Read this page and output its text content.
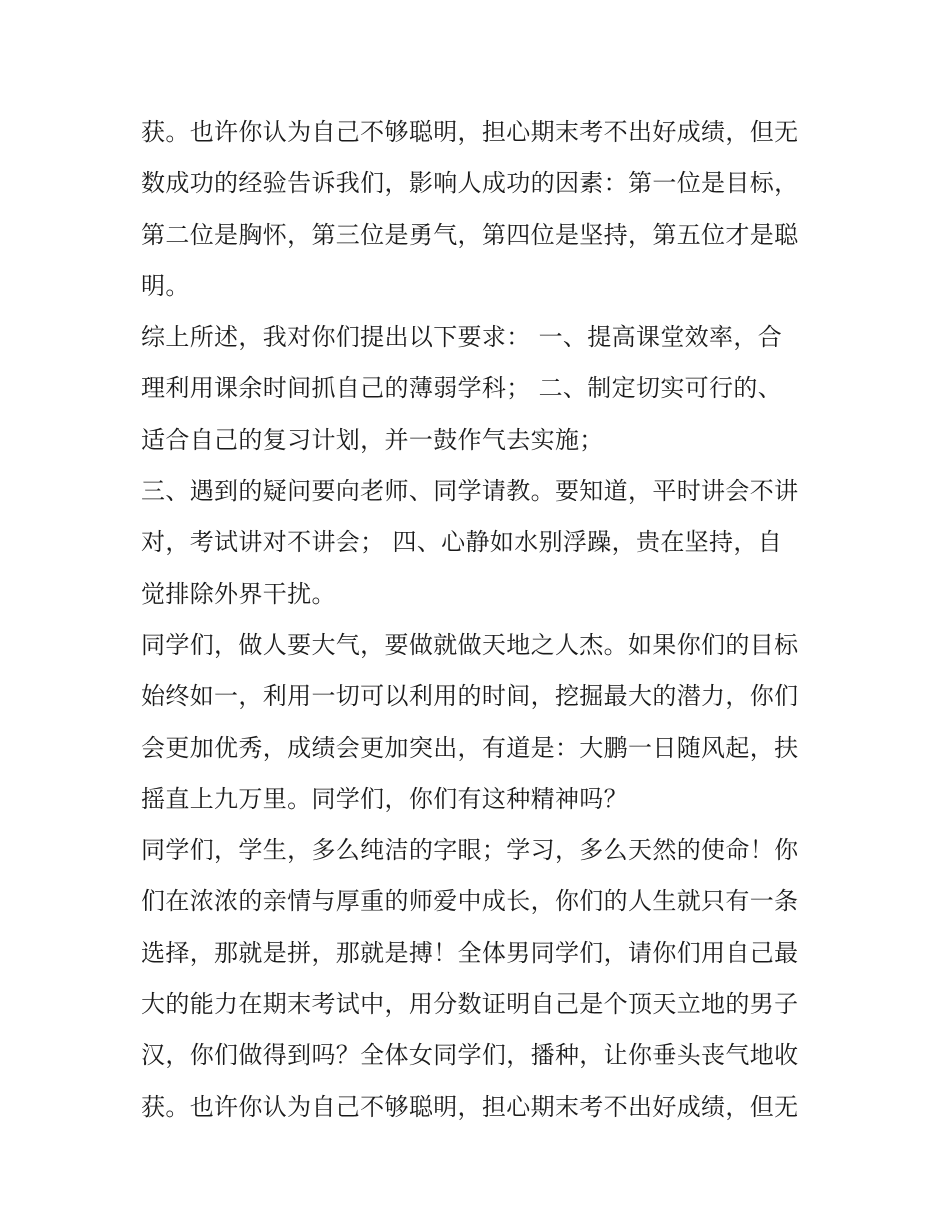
获。也许你认为自己不够聪明，担心期末考不出好成绩，但无
数成功的经验告诉我们，影响人成功的因素：第一位是目标，
第二位是胸怀，第三位是勇气，第四位是坚持，第五位才是聪
明。
综上所述，我对你们提出以下要求： 一、提高课堂效率，合
理利用课余时间抓自己的薄弱学科； 二、制定切实可行的、
适合自己的复习计划，并一鼓作气去实施；
三、遇到的疑问要向老师、同学请教。要知道，平时讲会不讲
对，考试讲对不讲会； 四、心静如水别浮躁，贵在坚持，自
觉排除外界干扰。
同学们，做人要大气，要做就做天地之人杰。如果你们的目标
始终如一，利用一切可以利用的时间，挖掘最大的潜力，你们
会更加优秀，成绩会更加突出，有道是：大鹏一日随风起，扶
摇直上九万里。同学们，你们有这种精神吗？
同学们，学生，多么纯洁的字眼；学习，多么天然的使命！你
们在浓浓的亲情与厚重的师爱中成长，你们的人生就只有一条
选择，那就是拼，那就是搏！全体男同学们，请你们用自己最
大的能力在期末考试中，用分数证明自己是个顶天立地的男子
汉，你们做得到吗？全体女同学们，播种，让你垂头丧气地收
获。也许你认为自己不够聪明，担心期末考不出好成绩，但无
